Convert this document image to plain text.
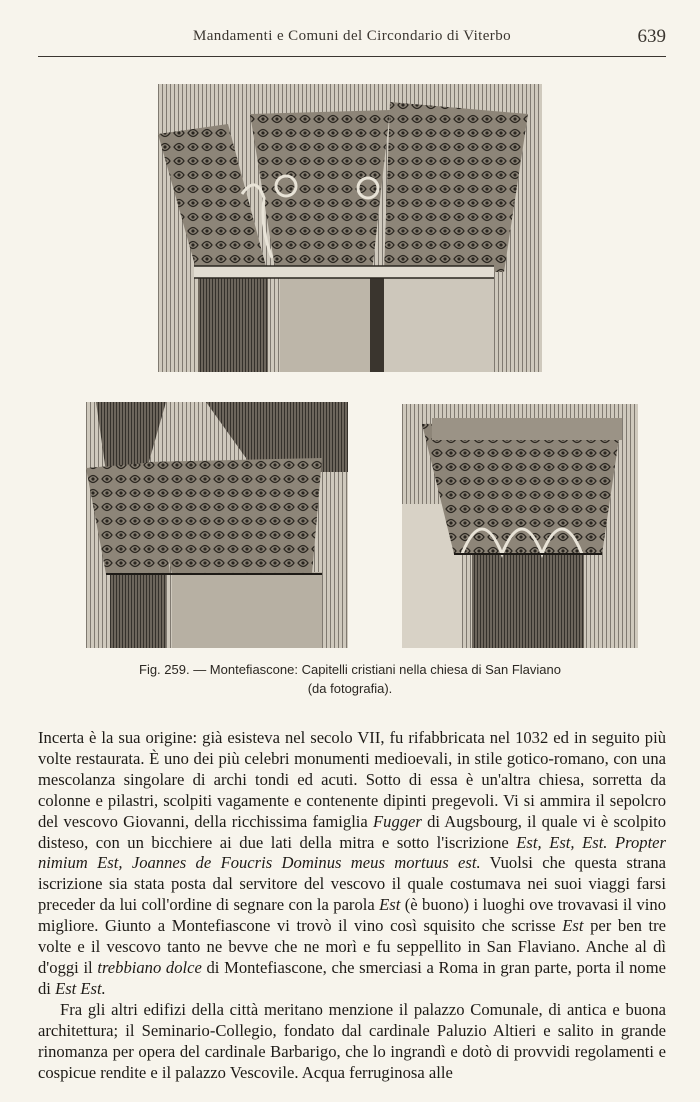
Mandamenti e Comuni del Circondario di Viterbo	639
Fig. 259. — Montefiascone: Capitelli cristiani nella chiesa di San Flaviano
(da fotografia).

Incerta è la sua origine: già esisteva nel secolo VII, fu rifabbricata nel 1032 ed in seguito più volte restaurata. È uno dei più celebri monumenti medioevali, in stile gotico-romano, con una mescolanza singolare di archi tondi ed acuti. Sotto di essa è un'altra chiesa, sorretta da colonne e pilastri, scolpiti vagamente e contenente dipinti pregevoli. Vi si ammira il sepolcro del vescovo Giovanni, della ricchissima famiglia Fugger di Augsbourg, il quale vi è scolpito disteso, con un bicchiere ai due lati della mitra e sotto l'iscrizione Est, Est, Est. Propter nimium Est, Joannes de Foucris Dominus meus mortuus est. Vuolsi che questa strana iscrizione sia stata posta dal servitore del vescovo il quale costumava nei suoi viaggi farsi preceder da lui coll'ordine di segnare con la parola Est (è buono) i luoghi ove trovavasi il vino migliore. Giunto a Montefiascone vi trovò il vino così squisito che scrisse Est per ben tre volte e il vescovo tanto ne bevve che ne morì e fu seppellito in San Flaviano. Anche al dì d'oggi il trebbiano dolce di Montefiascone, che smerciasi a Roma in gran parte, porta il nome di Est Est.

Fra gli altri edifizi della città meritano menzione il palazzo Comunale, di antica e buona architettura; il Seminario-Collegio, fondato dal cardinale Paluzio Altieri e salito in grande rinomanza per opera del cardinale Barbarigo, che lo ingrandì e dotò di provvidi regolamenti e cospicue rendite e il palazzo Vescovile. Acqua ferruginosa alle
